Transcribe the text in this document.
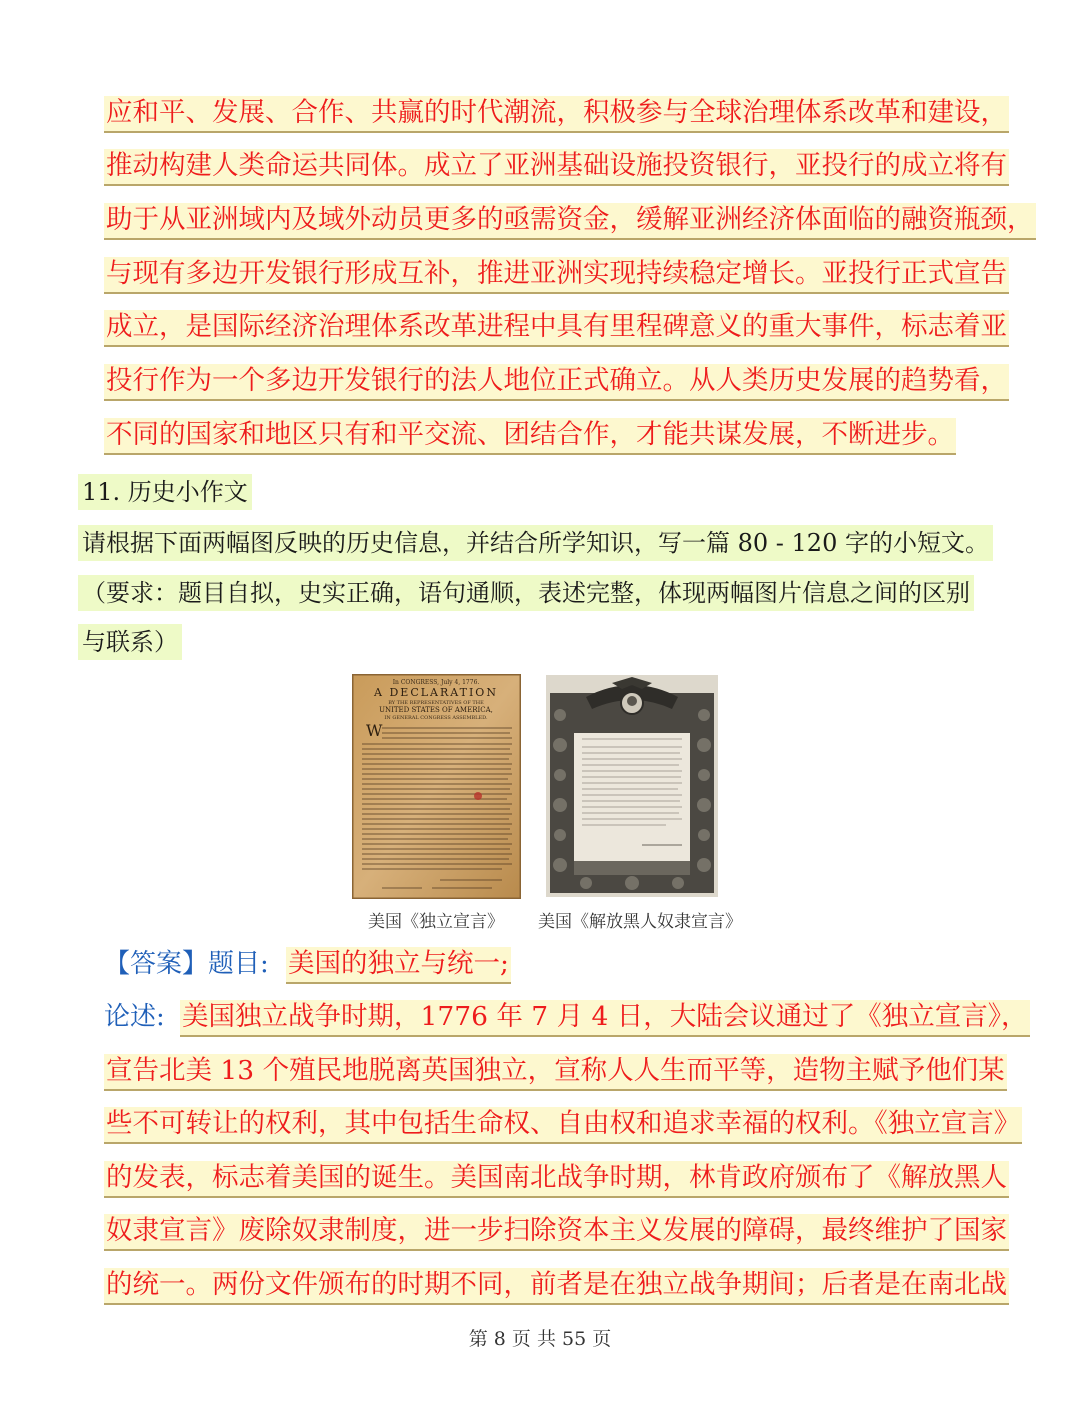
应和平、发展、合作、共赢的时代潮流，积极参与全球治理体系改革和建设，
推动构建人类命运共同体。成立了亚洲基础设施投资银行，亚投行的成立将有
助于从亚洲域内及域外动员更多的亟需资金，缓解亚洲经济体面临的融资瓶颈，
与现有多边开发银行形成互补，推进亚洲实现持续稳定增长。亚投行正式宣告
成立，是国际经济治理体系改革进程中具有里程碑意义的重大事件，标志着亚
投行作为一个多边开发银行的法人地位正式确立。从人类历史发展的趋势看，
不同的国家和地区只有和平交流、团结合作，才能共谋发展，不断进步。
11. 历史小作文
请根据下面两幅图反映的历史信息，并结合所学知识，写一篇 80 - 120 字的小短文。
（要求：题目自拟，史实正确，语句通顺，表述完整，体现两幅图片信息之间的区别
与联系）
In CONGRESS, July 4, 1776.
A DECLARATION
BY THE REPRESENTATIVES OF THE
UNITED STATES OF AMERICA,
IN GENERAL CONGRESS ASSEMBLED.
W
美国《独立宣言》 美国《解放黑人奴隶宣言》
【答案】题目: 美国的独立与统一;
论述: 美国独立战争时期，1776 年 7 月 4 日，大陆会议通过了《独立宣言》，
宣告北美 13 个殖民地脱离英国独立，宣称人人生而平等，造物主赋予他们某
些不可转让的权利，其中包括生命权、自由权和追求幸福的权利。《独立宣言》
的发表，标志着美国的诞生。美国南北战争时期，林肯政府颁布了《解放黑人
奴隶宣言》废除奴隶制度，进一步扫除资本主义发展的障碍，最终维护了国家
的统一。两份文件颁布的时期不同，前者是在独立战争期间；后者是在南北战
第 8 页 共 55 页
